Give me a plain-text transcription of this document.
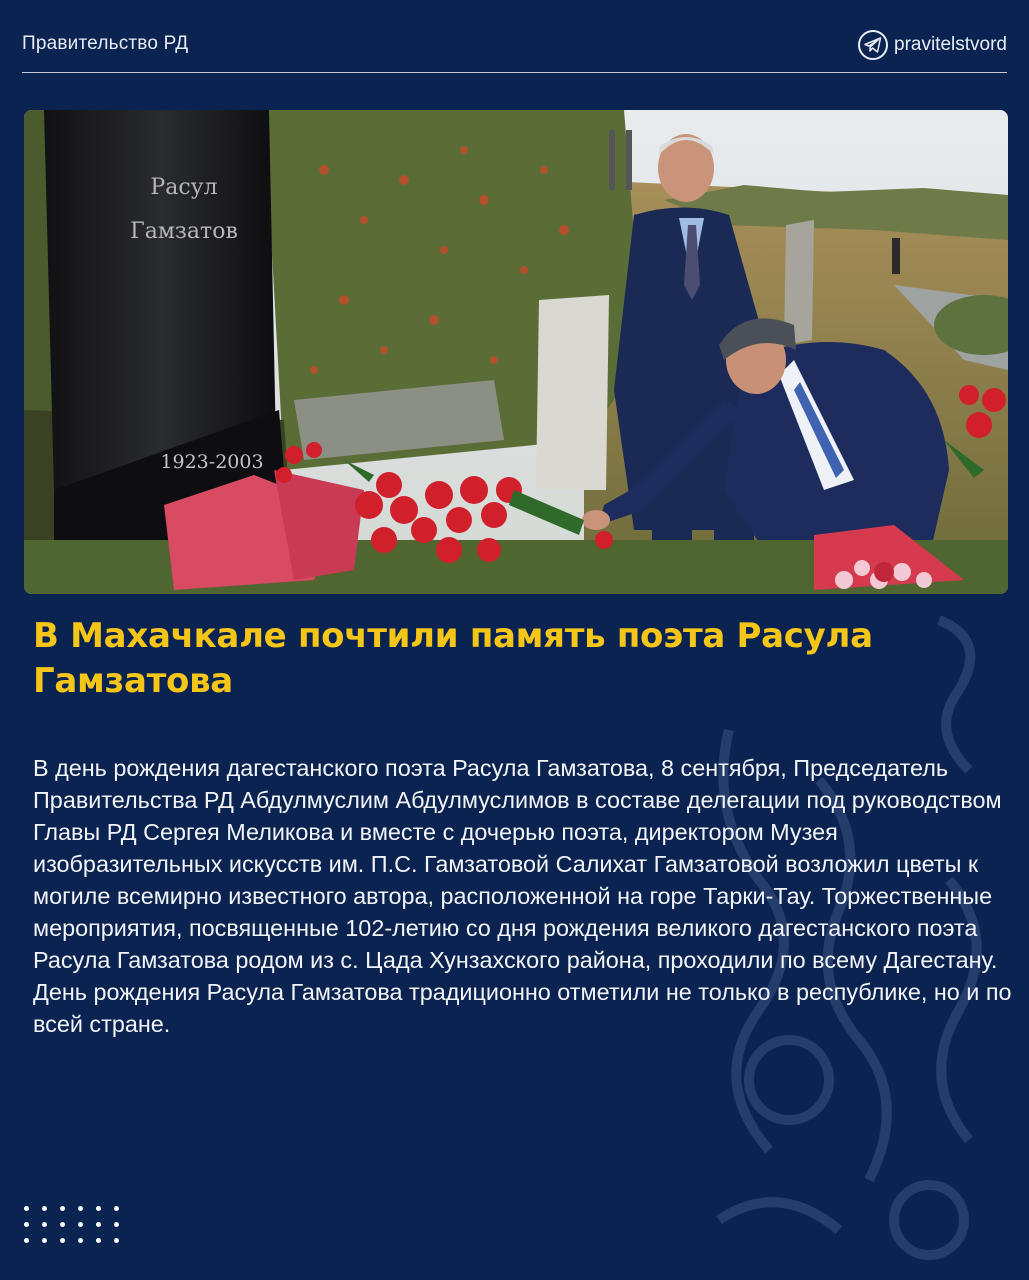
Правительство РД	pravitelstvord
Расул
Гамзатов
1923-2003
В Махачкале почтили память поэта Расула Гамзатова
В день рождения дагестанского поэта Расула Гамзатова, 8 сентября, Председатель Правительства РД Абдулмуслим Абдулмуслимов в составе делегации под руководством Главы РД Сергея Меликова и вместе с дочерью поэта, директором Музея изобразительных искусств им. П.С. Гамзатовой Салихат Гамзатовой возложил цветы к могиле всемирно известного автора, расположенной на горе Тарки-Тау. Торжественные мероприятия, посвященные 102-летию со дня рождения великого дагестанского поэта Расула Гамзатова родом из с. Цада Хунзахского района, проходили по всему Дагестану. День рождения Расула Гамзатова традиционно отметили не только в республике, но и по всей стране.
